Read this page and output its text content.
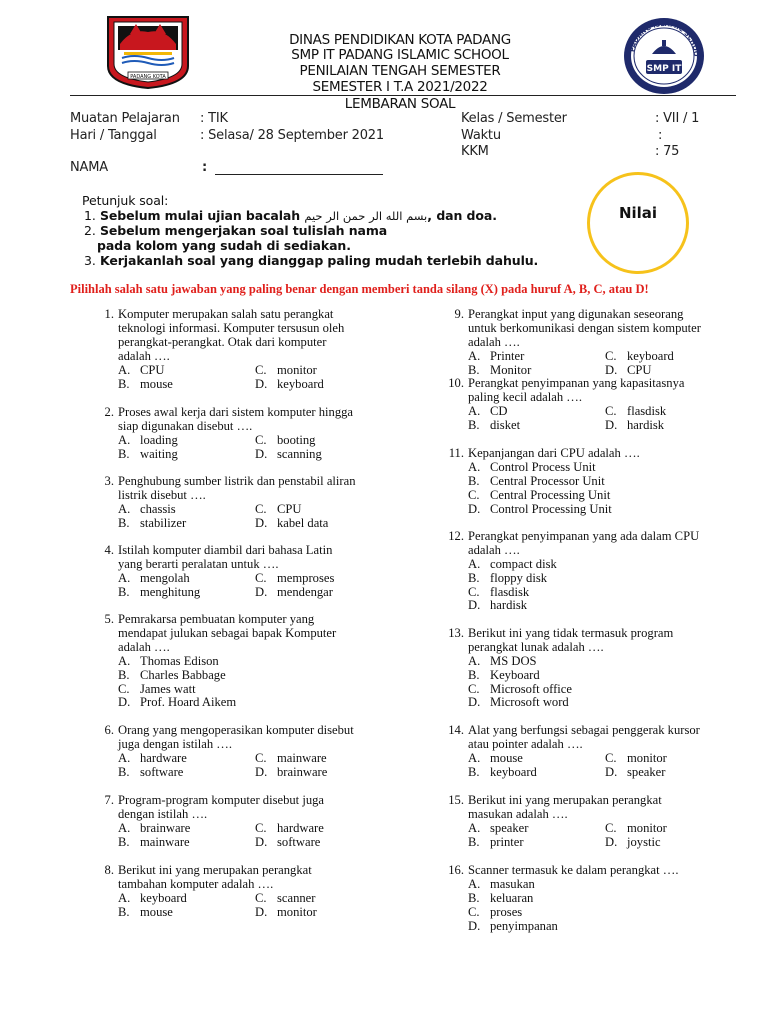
PADANG KOTA
PADANG ISLAMIC SCHOO
SMP IT
DINAS PENDIDIKAN KOTA PADANG
SMP IT PADANG ISLAMIC SCHOOL
PENILAIAN TENGAH SEMESTER
SEMESTER I T.A 2021/2022
LEMBARAN SOAL
Muatan Pelajaran : TIK
Hari / Tanggal	: Selasa/ 28 September 2021
Kelas / Semester	: VII / 1
Waktu	:
KKM	: 75
NAMA	:
Petunjuk soal:
1. Sebelum mulai ujian bacalah بسم الله الر حمن الر حيم, dan doa.
2. Sebelum mengerjakan soal tulislah nama
pada kolom yang sudah di sediakan.
3. Kerjakanlah soal yang dianggap paling mudah terlebih dahulu.
Nilai
Pilihlah salah satu jawaban yang paling benar dengan memberi tanda silang (X) pada huruf A, B, C, atau D!
1. Komputer merupakan salah satu perangkat
teknologi informasi. Komputer tersusun oleh
perangkat-perangkat. Otak dari komputer
adalah ….
A. CPU	C. monitor
B. mouse	D. keyboard
2. Proses awal kerja dari sistem komputer hingga
siap digunakan disebut ….
A. loading	C. booting
B. waiting	D. scanning
3. Penghubung sumber listrik dan penstabil aliran
listrik disebut ….
A. chassis	C. CPU
B. stabilizer	D. kabel data
4. Istilah komputer diambil dari bahasa Latin
yang berarti peralatan untuk ….
A. mengolah	C. memproses
B. menghitung	D. mendengar
5. Pemrakarsa pembuatan komputer yang
mendapat julukan sebagai bapak Komputer
adalah ….
A. Thomas Edison
B. Charles Babbage
C. James watt
D. Prof. Hoard Aikem
6. Orang yang mengoperasikan komputer disebut
juga dengan istilah ….
A. hardware	C. mainware
B. software	D. brainware
7. Program-program komputer disebut juga
dengan istilah ….
A. brainware	C. hardware
B. mainware	D. software
8. Berikut ini yang merupakan perangkat
tambahan komputer adalah ….
A. keyboard	C. scanner
B. mouse	D. monitor
9. Perangkat input yang digunakan seseorang
untuk berkomunikasi dengan sistem komputer
adalah ….
A. Printer	C. keyboard
B. Monitor	D. CPU
10. Perangkat penyimpanan yang kapasitasnya
paling kecil adalah ….
A. CD	C. flasdisk
B. disket	D. hardisk
11. Kepanjangan dari CPU adalah ….
A. Control Process Unit
B. Central Processor Unit
C. Central Processing Unit
D. Control Processing Unit
12. Perangkat penyimpanan yang ada dalam CPU
adalah ….
A. compact disk
B. floppy disk
C. flasdisk
D. hardisk
13. Berikut ini yang tidak termasuk program
perangkat lunak adalah ….
A. MS DOS
B. Keyboard
C. Microsoft office
D. Microsoft word
14. Alat yang berfungsi sebagai penggerak kursor
atau pointer adalah ….
A. mouse	C. monitor
B. keyboard	D. speaker
15. Berikut ini yang merupakan perangkat
masukan adalah ….
A. speaker	C. monitor
B. printer	D. joystic
16. Scanner termasuk ke dalam perangkat ….
A. masukan
B. keluaran
C. proses
D. penyimpanan
